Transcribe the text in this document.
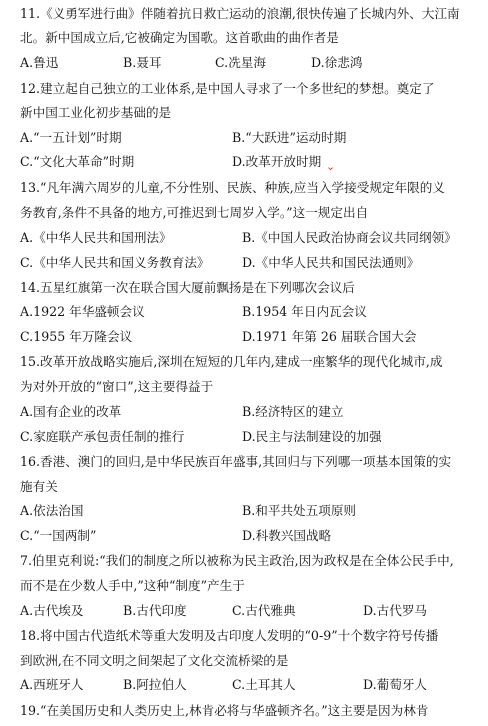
11.《义勇军进行曲》伴随着抗日救亡运动的浪潮,很快传遍了长城内外、大江南
北。新中国成立后,它被确定为国歌。这首歌曲的曲作者是
A.鲁迅	B.聂耳	C.冼星海	D.徐悲鸿
12.建立起自己独立的工业体系,是中国人寻求了一个多世纪的梦想。奠定了
新中国工业化初步基础的是
A.“一五计划”时期	B.“大跃进”运动时期
C.“文化大革命”时期	D.改革开放时期 ⌄
13.“凡年满六周岁的儿童,不分性别、民族、种族,应当入学接受规定年限的义
务教育,条件不具备的地方,可推迟到七周岁入学。”这一规定出自
A.《中华人民共和国刑法》	B.《中国人民政治协商会议共同纲领》
C.《中华人民共和国义务教育法》	D.《中华人民共和国民法通则》
14.五星红旗第一次在联合国大厦前飘扬是在下列哪次会议后
A.1922 年华盛顿会议	B.1954 年日内瓦会议
C.1955 年万隆会议	D.1971 年第 26 届联合国大会
15.改革开放战略实施后,深圳在短短的几年内,建成一座繁华的现代化城市,成
为对外开放的“窗口”,这主要得益于
A.国有企业的改革	B.经济特区的建立
C.家庭联产承包责任制的推行	D.民主与法制建设的加强
16.香港、澳门的回归,是中华民族百年盛事,其回归与下列哪一项基本国策的实
施有关
A.依法治国	B.和平共处五项原则
C.“一国两制”	D.科教兴国战略
7.伯里克利说:“我们的制度之所以被称为民主政治,因为政权是在全体公民手中,
而不是在少数人手中,”这种“制度”产生于
A.古代埃及	B.古代印度	C.古代雅典	D.古代罗马
18.将中国古代造纸术等重大发明及古印度人发明的“0-9”十个数字符号传播
到欧洲,在不同文明之间架起了文化交流桥梁的是
A.西班牙人	B.阿拉伯人	C.土耳其人	D.葡萄牙人
19.“在美国历史和人类历史上,林肯必将与华盛顿齐名。”这主要是因为林肯
